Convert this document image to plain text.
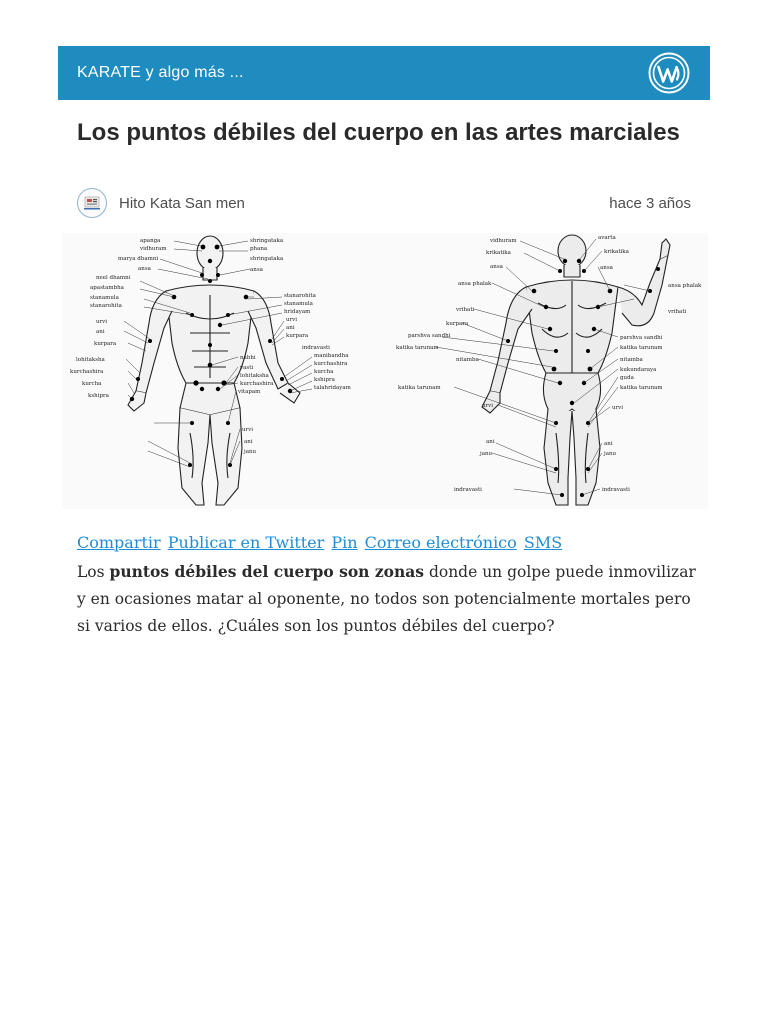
KARATE y algo más ...
Los puntos débiles del cuerpo en las artes marciales
Hito Kata San men	hace 3 años
apangа
vidhuram
marya dhamni
ansa
neel dhamni
apastambha
stanamula
stanarohita
urvi
ani
kurpara
lohitaksha
kurchashira
kurcha
kshipra
shringataka
phana
shringataka
ansa
stanarohita
stanamula
hridayam
urvi
ani
kurpara
indravasti
manibandha
kurchashira
kurcha
kshipra
talahridayam
nabhi
vasti
lohitaksha
kurchashira
vitapam
urvi
ani
janu
vidhuram
krikatika
ansa
ansa phalak
vrihati
kurpara
parshva sandhi
katika tarunam
nitamba
katika tarunam
urvi
ani
janu
indravasti
avarta
krikatika
ansa
ansa phalak
vrihati
parshva sandhi
katika tarunam
nitamba
kukundaraya
guda
katika tarunam
urvi
ani
janu
indravasti
Compartir Publicar en Twitter Pin Correo electrónico SMS

Los puntos débiles del cuerpo son zonas donde un golpe puede inmovilizar y en ocasiones matar al oponente, no todos son potencialmente mortales pero si varios de ellos. ¿Cuáles son los puntos débiles del cuerpo?
